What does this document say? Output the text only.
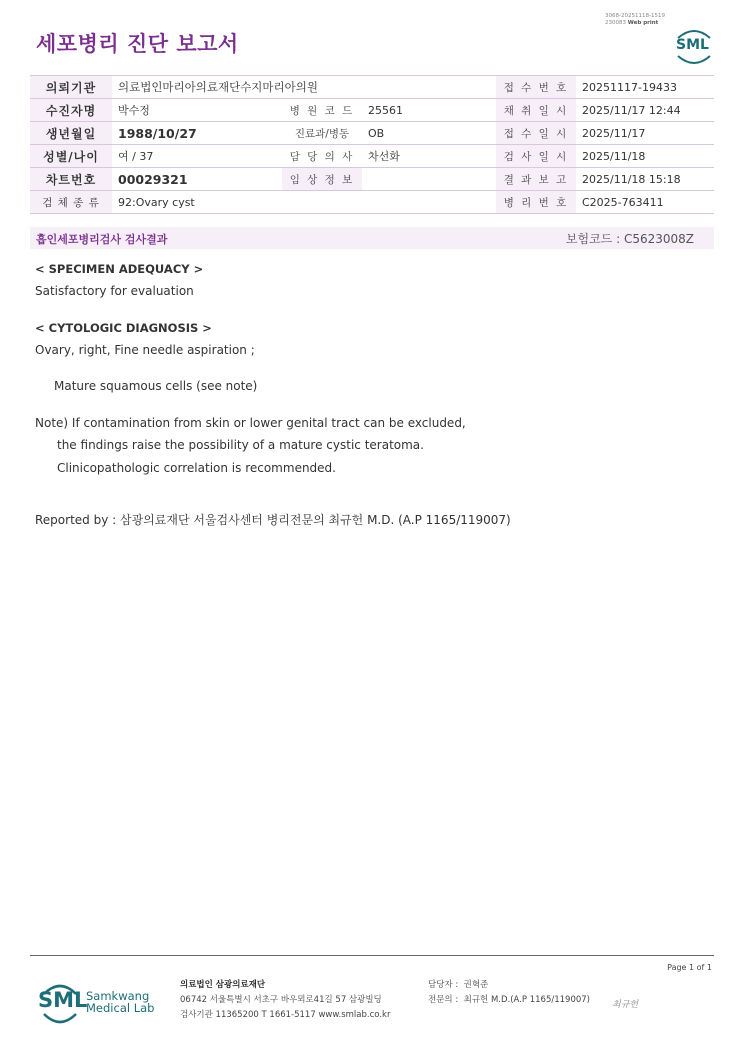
세포병리 진단 보고서
3068-20251118-1519
230083 Web print
SML
의뢰기관	의료법인마리아의료재단수지마리아의원			접 수 번 호	20251117-19433
수진자명	박수정	병 원 코 드	25561	채 취 일 시	2025/11/17 12:44
생년월일	1988/10/27	진료과/병동	OB	접 수 일 시	2025/11/17
성별/나이	여 / 37	담 당 의 사	차선화	검 사 일 시	2025/11/18
차트번호	00029321	임 상 정 보		결 과 보 고	2025/11/18 15:18
검 체 종 류	92:Ovary cyst			병 리 번 호	C2025-763411
흡인세포병리검사 검사결과	보험코드 : C5623008Z
< SPECIMEN ADEQUACY >
Satisfactory for evaluation
< CYTOLOGIC DIAGNOSIS >
Ovary, right, Fine needle aspiration ;
Mature squamous cells (see note)
Note) If contamination from skin or lower genital tract can be excluded,
the findings raise the possibility of a mature cystic teratoma.
Clinicopathologic correlation is recommended.
Reported by : 삼광의료재단 서울검사센터 병리전문의 최규헌 M.D. (A.P 1165/119007)
Page 1 of 1
SML
Samkwang
Medical Lab
의료법인 삼광의료재단
06742 서울특별시 서초구 바우뫼로41길 57 삼광빌딩
검사기관 11365200 T 1661-5117 www.smlab.co.kr
담당자 : 권혁준
전문의 : 최규헌 M.D.(A.P 1165/119007) 최규헌
